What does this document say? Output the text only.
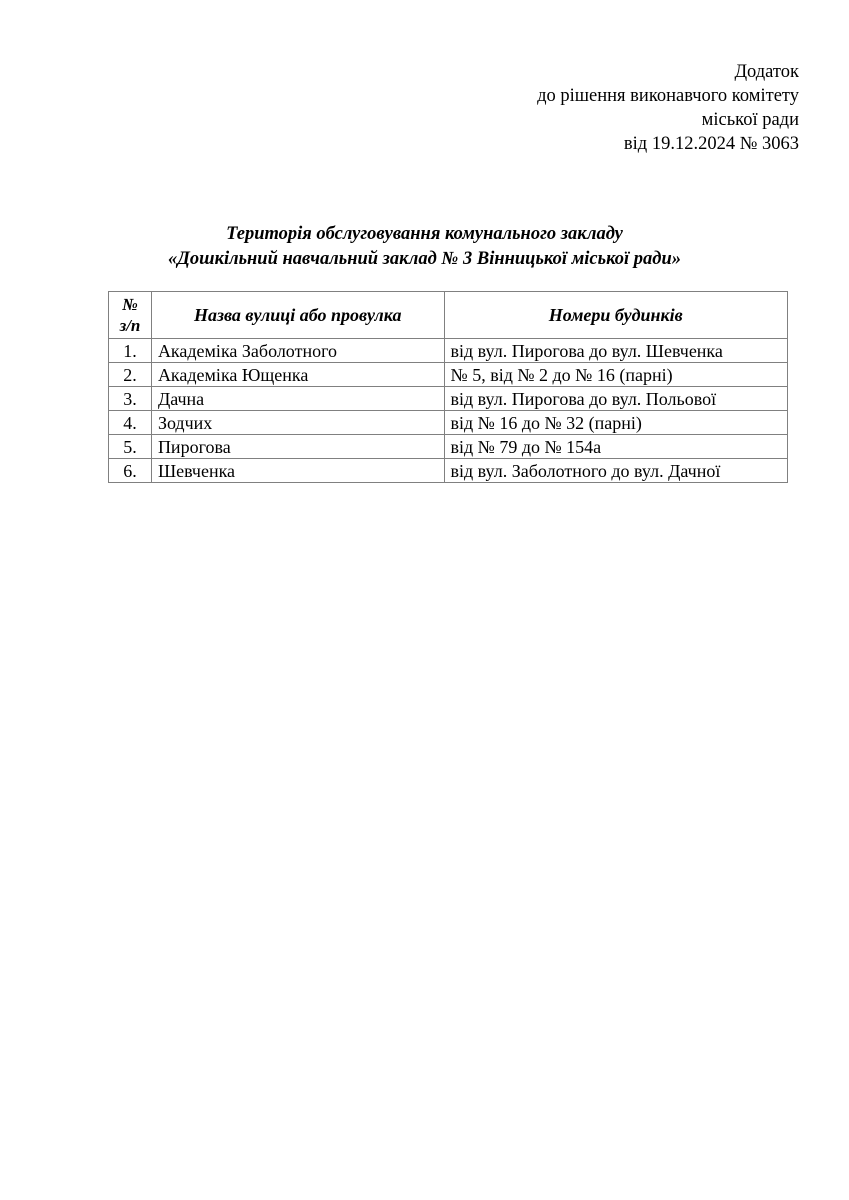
Додаток
до рішення виконавчого комітету
міської ради
від 19.12.2024 № 3063
Територія обслуговування комунального закладу
«Дошкільний навчальний заклад № 3 Вінницької міської ради»
№
з/п	Назва вулиці або провулка	Номери будинків
1.	Академіка Заболотного	від вул. Пирогова до вул. Шевченка
2.	Академіка Ющенка	№ 5, від № 2 до № 16 (парні)
3.	Дачна	від вул. Пирогова до вул. Польової
4.	Зодчих	від № 16 до № 32 (парні)
5.	Пирогова	від № 79 до № 154а
6.	Шевченка	від вул. Заболотного до вул. Дачної
